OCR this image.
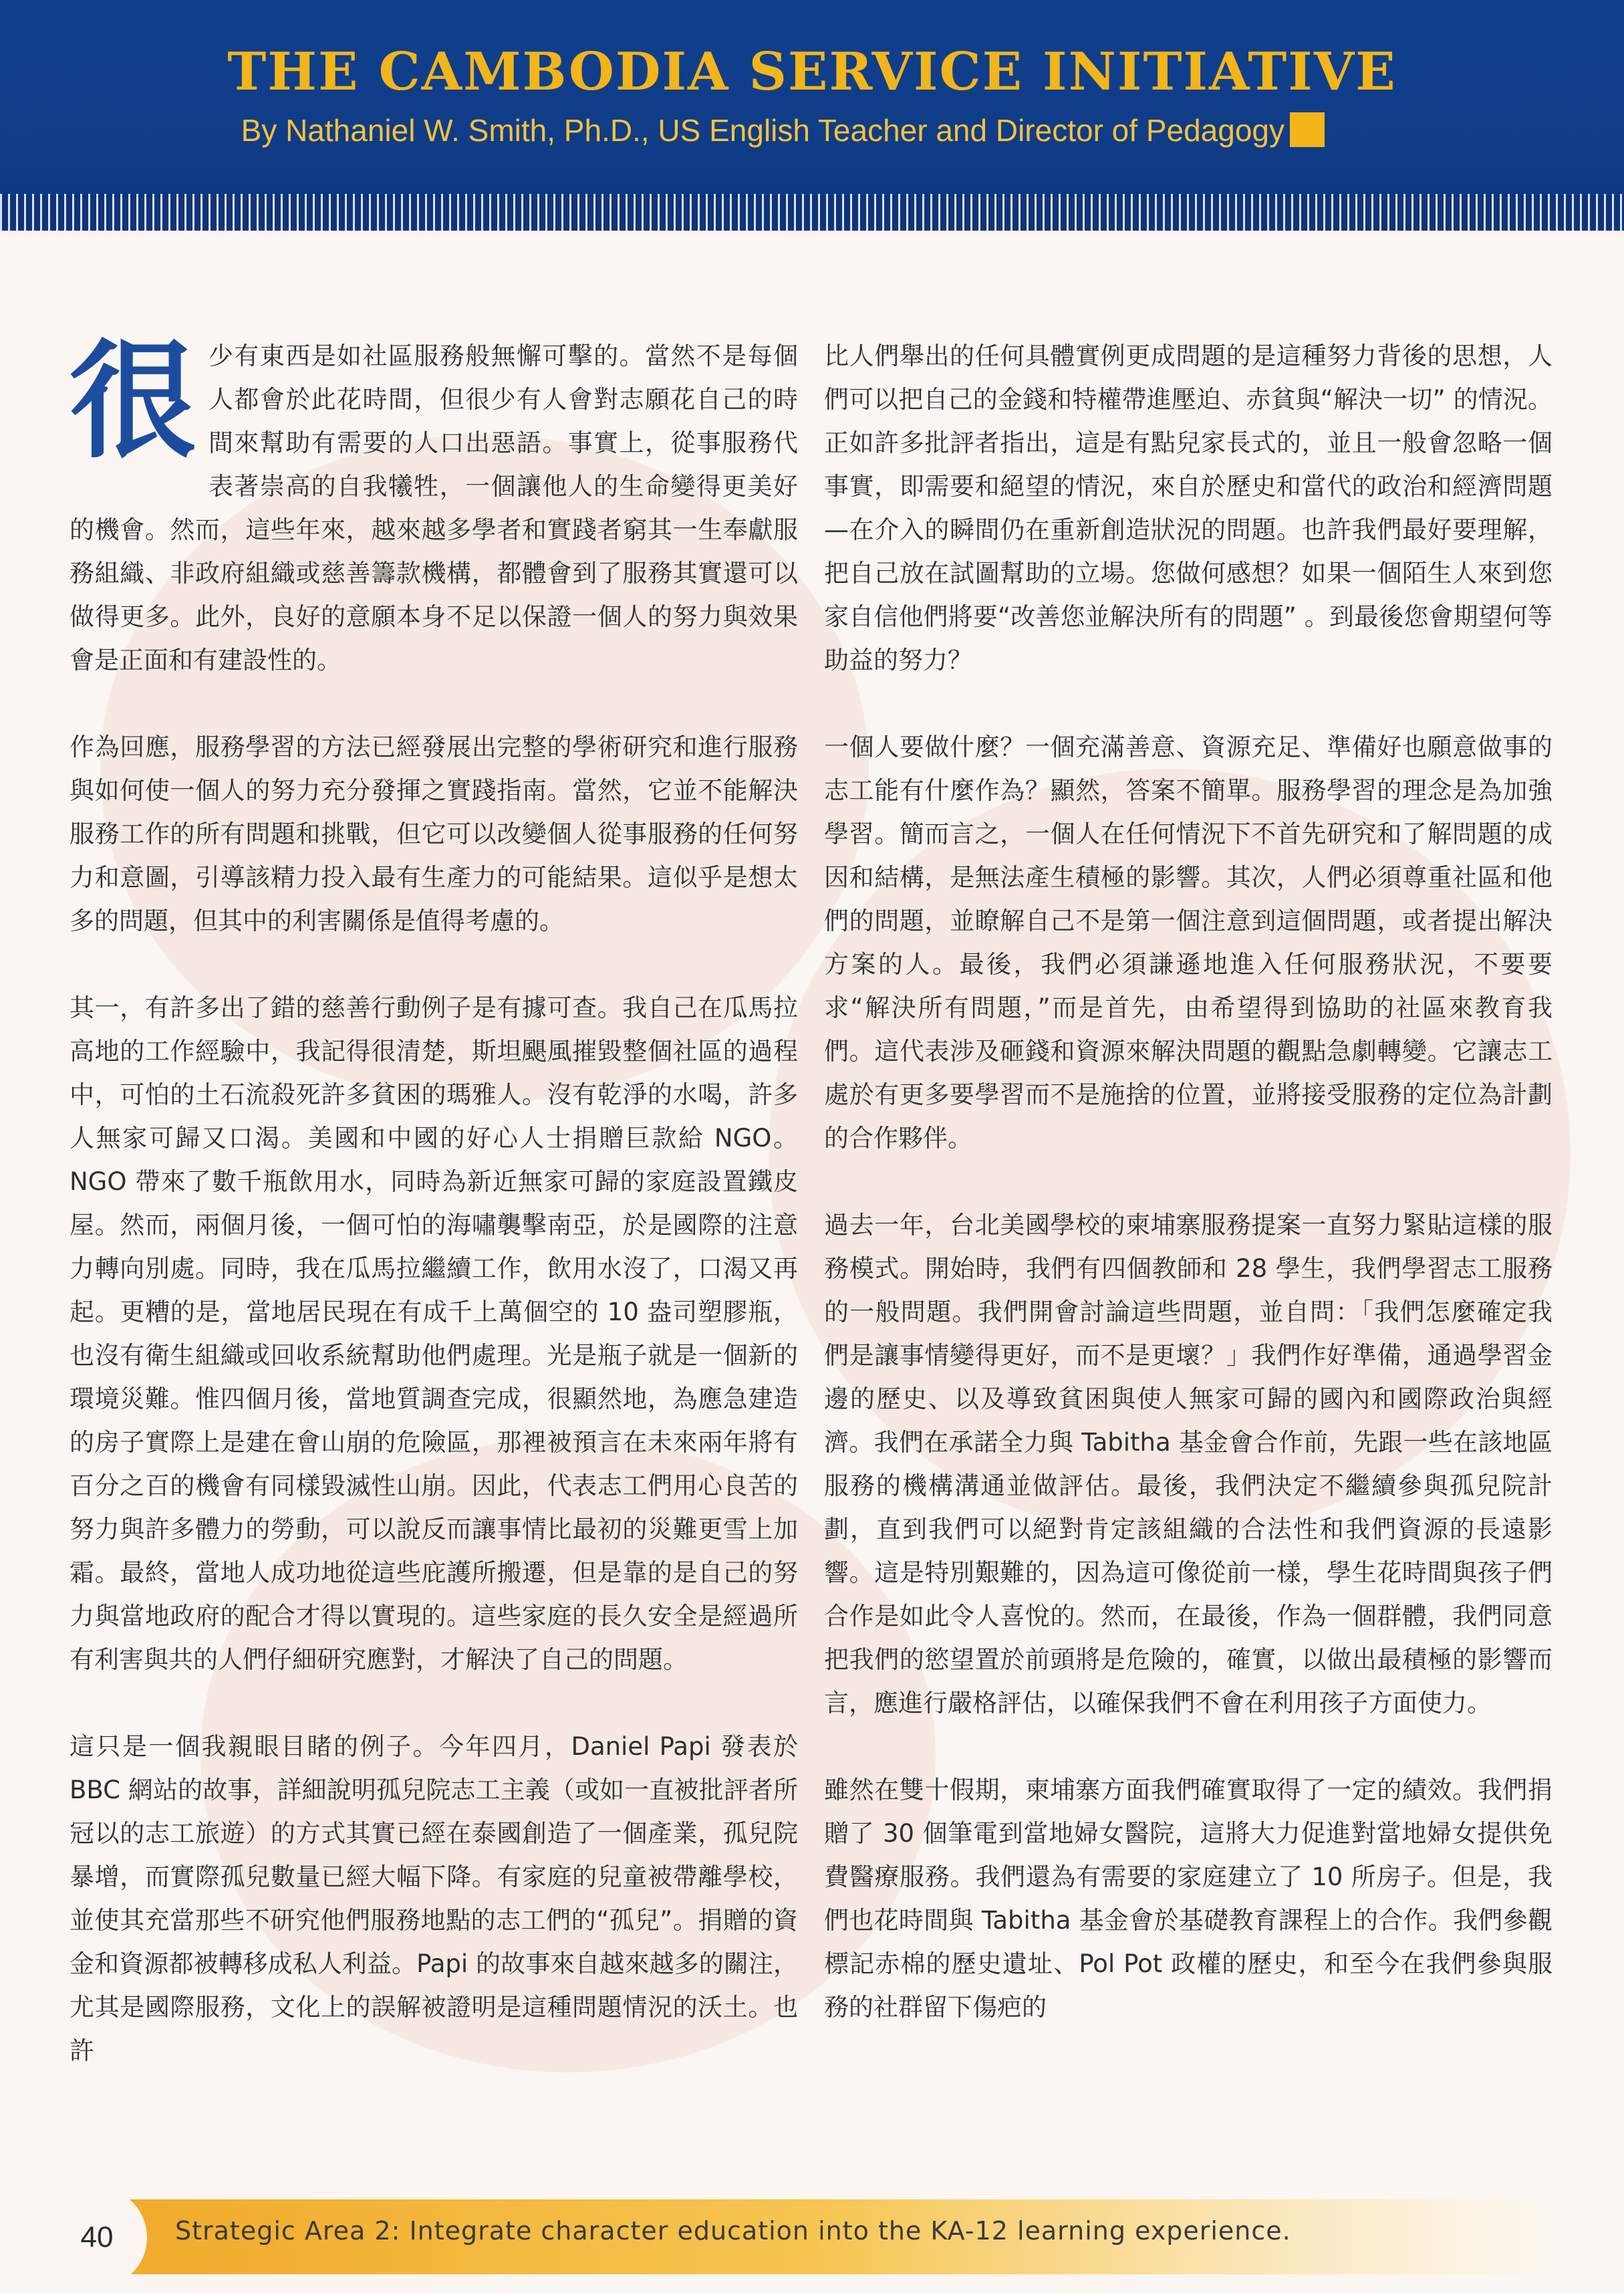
THE CAMBODIA SERVICE INITIATIVE
By Nathaniel W. Smith, Ph.D., US English Teacher and Director of Pedagogy

很少有東西是如社區服務般無懈可擊的。當然不是每個人都會於此花時間，但很少有人會對志願花自己的時間來幫助有需要的人口出惡語。事實上，從事服務代表著崇高的自我犧牲，一個讓他人的生命變得更美好的機會。然而，這些年來，越來越多學者和實踐者窮其一生奉獻服務組織、非政府組織或慈善籌款機構，都體會到了服務其實還可以做得更多。此外，良好的意願本身不足以保證一個人的努力與效果會是正面和有建設性的。

作為回應，服務學習的方法已經發展出完整的學術研究和進行服務與如何使一個人的努力充分發揮之實踐指南。當然，它並不能解決服務工作的所有問題和挑戰，但它可以改變個人從事服務的任何努力和意圖，引導該精力投入最有生產力的可能結果。這似乎是想太多的問題，但其中的利害關係是值得考慮的。

其一，有許多出了錯的慈善行動例子是有據可查。我自己在瓜馬拉高地的工作經驗中，我記得很清楚，斯坦颶風摧毀整個社區的過程中，可怕的土石流殺死許多貧困的瑪雅人。沒有乾淨的水喝，許多人無家可歸又口渴。美國和中國的好心人士捐贈巨款給 NGO。NGO 帶來了數千瓶飲用水，同時為新近無家可歸的家庭設置鐵皮屋。然而，兩個月後，一個可怕的海嘯襲擊南亞，於是國際的注意力轉向別處。同時，我在瓜馬拉繼續工作，飲用水沒了，口渴又再起。更糟的是，當地居民現在有成千上萬個空的 10 盎司塑膠瓶，也沒有衛生組織或回收系統幫助他們處理。光是瓶子就是一個新的環境災難。惟四個月後，當地質調查完成，很顯然地，為應急建造的房子實際上是建在會山崩的危險區，那裡被預言在未來兩年將有百分之百的機會有同樣毀滅性山崩。因此，代表志工們用心良苦的努力與許多體力的勞動，可以說反而讓事情比最初的災難更雪上加霜。最終，當地人成功地從這些庇護所搬遷，但是靠的是自己的努力與當地政府的配合才得以實現的。這些家庭的長久安全是經過所有利害與共的人們仔細研究應對，才解決了自己的問題。

這只是一個我親眼目睹的例子。今年四月，Daniel Papi 發表於 BBC 網站的故事，詳細說明孤兒院志工主義（或如一直被批評者所冠以的志工旅遊）的方式其實已經在泰國創造了一個產業，孤兒院暴增，而實際孤兒數量已經大幅下降。有家庭的兒童被帶離學校，並使其充當那些不研究他們服務地點的志工們的“孤兒”。捐贈的資金和資源都被轉移成私人利益。Papi 的故事來自越來越多的關注，尤其是國際服務，文化上的誤解被證明是這種問題情況的沃土。也許

比人們舉出的任何具體實例更成問題的是這種努力背後的思想，人們可以把自己的金錢和特權帶進壓迫、赤貧與“解決一切” 的情況。正如許多批評者指出，這是有點兒家長式的，並且一般會忽略一個事實，即需要和絕望的情況，來自於歷史和當代的政治和經濟問題—在介入的瞬間仍在重新創造狀況的問題。也許我們最好要理解，把自己放在試圖幫助的立場。您做何感想？如果一個陌生人來到您家自信他們將要“改善您並解決所有的問題” 。到最後您會期望何等助益的努力？

一個人要做什麼？一個充滿善意、資源充足、準備好也願意做事的志工能有什麼作為？顯然，答案不簡單。服務學習的理念是為加強學習。簡而言之，一個人在任何情況下不首先研究和了解問題的成因和結構，是無法產生積極的影響。其次，人們必須尊重社區和他們的問題，並瞭解自己不是第一個注意到這個問題，或者提出解決方案的人。最後，我們必須謙遜地進入任何服務狀況，不要要求“解決所有問題，”而是首先，由希望得到協助的社區來教育我們。這代表涉及砸錢和資源來解決問題的觀點急劇轉變。它讓志工處於有更多要學習而不是施捨的位置，並將接受服務的定位為計劃的合作夥伴。

過去一年，台北美國學校的柬埔寨服務提案一直努力緊貼這樣的服務模式。開始時，我們有四個教師和 28 學生，我們學習志工服務的一般問題。我們開會討論這些問題，並自問：「我們怎麼確定我們是讓事情變得更好，而不是更壞？」我們作好準備，通過學習金邊的歷史、以及導致貧困與使人無家可歸的國內和國際政治與經濟。我們在承諾全力與 Tabitha 基金會合作前，先跟一些在該地區服務的機構溝通並做評估。最後，我們決定不繼續參與孤兒院計劃，直到我們可以絕對肯定該組織的合法性和我們資源的長遠影響。這是特別艱難的，因為這可像從前一樣，學生花時間與孩子們合作是如此令人喜悅的。然而，在最後，作為一個群體，我們同意把我們的慾望置於前頭將是危險的，確實，以做出最積極的影響而言，應進行嚴格評估，以確保我們不會在利用孩子方面使力。

雖然在雙十假期，柬埔寨方面我們確實取得了一定的績效。我們捐贈了 30 個筆電到當地婦女醫院，這將大力促進對當地婦女提供免費醫療服務。我們還為有需要的家庭建立了 10 所房子。但是，我們也花時間與 Tabitha 基金會於基礎教育課程上的合作。我們參觀標記赤棉的歷史遺址、Pol Pot 政權的歷史，和至今在我們參與服務的社群留下傷疤的

40	Strategic Area 2: Integrate character education into the KA-12 learning experience.
